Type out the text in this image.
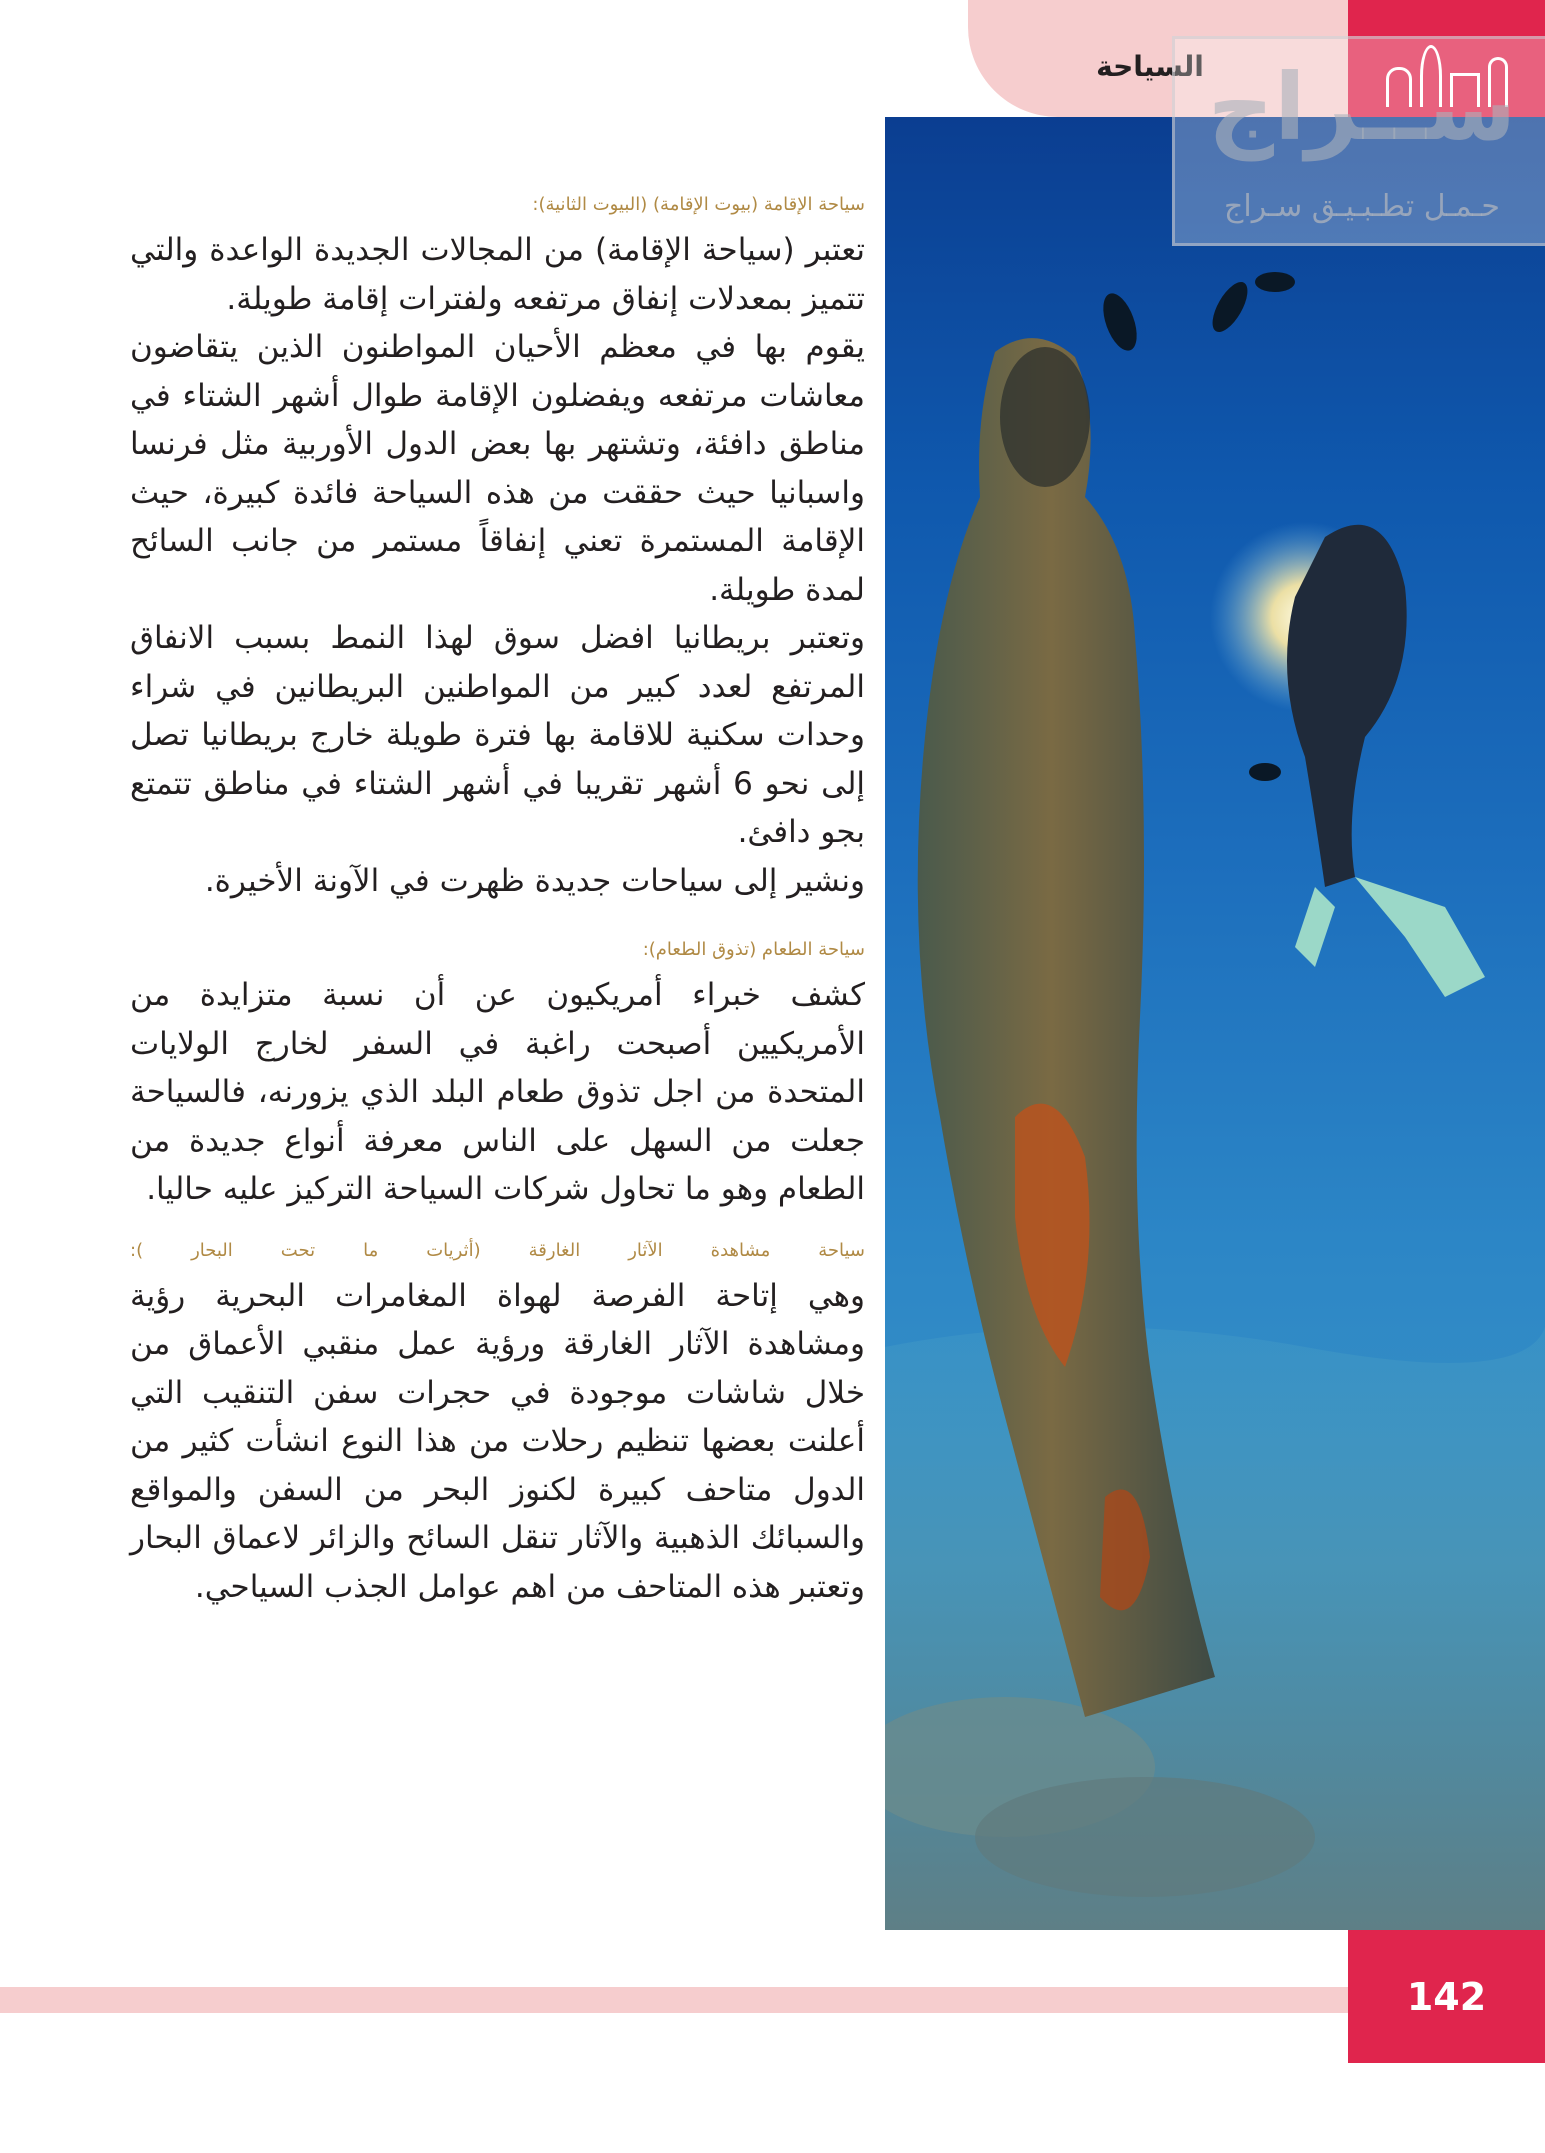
السياحة ســراج
حـمـل تطـبـيـق سـراج
سياحة الإقامة (بيوت الإقامة) (البيوت الثانية):

تعتبر (سياحة الإقامة) من المجالات الجديدة الواعدة والتي تتميز بمعدلات إنفاق مرتفعه ولفترات إقامة طويلة.

يقوم بها في معظم الأحيان المواطنون الذين يتقاضون معاشات مرتفعه ويفضلون الإقامة طوال أشهر الشتاء في مناطق دافئة، وتشتهر بها بعض الدول الأوربية مثل فرنسا واسبانيا حيث حققت من هذه السياحة فائدة كبيرة، حيث الإقامة المستمرة تعني إنفاقاً مستمر من جانب السائح لمدة طويلة.

وتعتبر بريطانيا افضل سوق لهذا النمط بسبب الانفاق المرتفع لعدد كبير من المواطنين البريطانين في شراء وحدات سكنية للاقامة بها فترة طويلة خارج بريطانيا تصل إلى نحو 6 أشهر تقريبا في أشهر الشتاء في مناطق تتمتع بجو دافئ.

ونشير إلى سياحات جديدة ظهرت في الآونة الأخيرة.

سياحة الطعام (تذوق الطعام):

كشف خبراء أمريكيون عن أن نسبة متزايدة من الأمريكيين أصبحت راغبة في السفر لخارج الولايات المتحدة من اجل تذوق طعام البلد الذي يزورنه، فالسياحة جعلت من السهل على الناس معرفة أنواع جديدة من الطعام وهو ما تحاول شركات السياحة التركيز عليه حاليا.

سياحة مشاهدة الآثار الغارقة (أثريات ما تحت البحار ):

وهي إتاحة الفرصة لهواة المغامرات البحرية رؤية ومشاهدة الآثار الغارقة ورؤية عمل منقبي الأعماق من خلال شاشات موجودة في حجرات سفن التنقيب التي أعلنت بعضها تنظيم رحلات من هذا النوع انشأت كثير من الدول متاحف كبيرة لكنوز البحر من السفن والمواقع والسبائك الذهبية والآثار تنقل السائح والزائر لاعماق البحار وتعتبر هذه المتاحف من اهم عوامل الجذب السياحي.

142
